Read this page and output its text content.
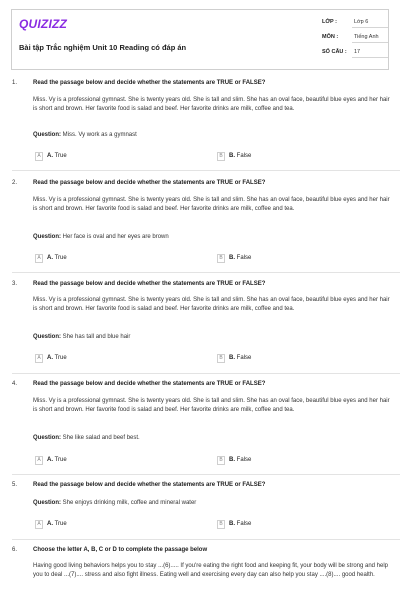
QUIZIZZ
Bài tập Trắc nghiệm Unit 10 Reading có đáp án
LỚP :	Lớp 6
MÔN :	Tiếng Anh
SỐ CÂU : 17
1.	Read the passage below and decide whether the statements are TRUE or FALSE?
Miss. Vy is a professional gymnast. She is twenty years old. She is tall and slim. She has an oval face, beautiful blue eyes and her hair is short and brown. Her favorite food is salad and beef. Her favorite drinks are milk, coffee and tea.
Question: Miss. Vy work as a gymnast
A	A. True	B	B. False
2.	Read the passage below and decide whether the statements are TRUE or FALSE?
Miss. Vy is a professional gymnast. She is twenty years old. She is tall and slim. She has an oval face, beautiful blue eyes and her hair is short and brown. Her favorite food is salad and beef. Her favorite drinks are milk, coffee and tea.
Question: Her face is oval and her eyes are brown
A	A. True	B	B. False
3.	Read the passage below and decide whether the statements are TRUE or FALSE?
Miss. Vy is a professional gymnast. She is twenty years old. She is tall and slim. She has an oval face, beautiful blue eyes and her hair is short and brown. Her favorite food is salad and beef. Her favorite drinks are milk, coffee and tea.
Question: She has tall and blue hair
A	A. True	B	B. False
4.	Read the passage below and decide whether the statements are TRUE or FALSE?
Miss. Vy is a professional gymnast. She is twenty years old. She is tall and slim. She has an oval face, beautiful blue eyes and her hair is short and brown. Her favorite food is salad and beef. Her favorite drinks are milk, coffee and tea.
Question: She like salad and beef best.
A	A. True	B	B. False
5.	Read the passage below and decide whether the statements are TRUE or FALSE?
Question: She enjoys drinking milk, coffee and mineral water
A	A. True	B	B. False
6.	Choose the letter A, B, C or D to complete the passage below
Having good living behaviors helps you to stay ...(6)..... If you're eating the right food and keeping fit, your body will be strong and help you to deal ...(7).... stress and also fight illness. Eating well and exercising every day can also help you stay ....(8).... good health.
